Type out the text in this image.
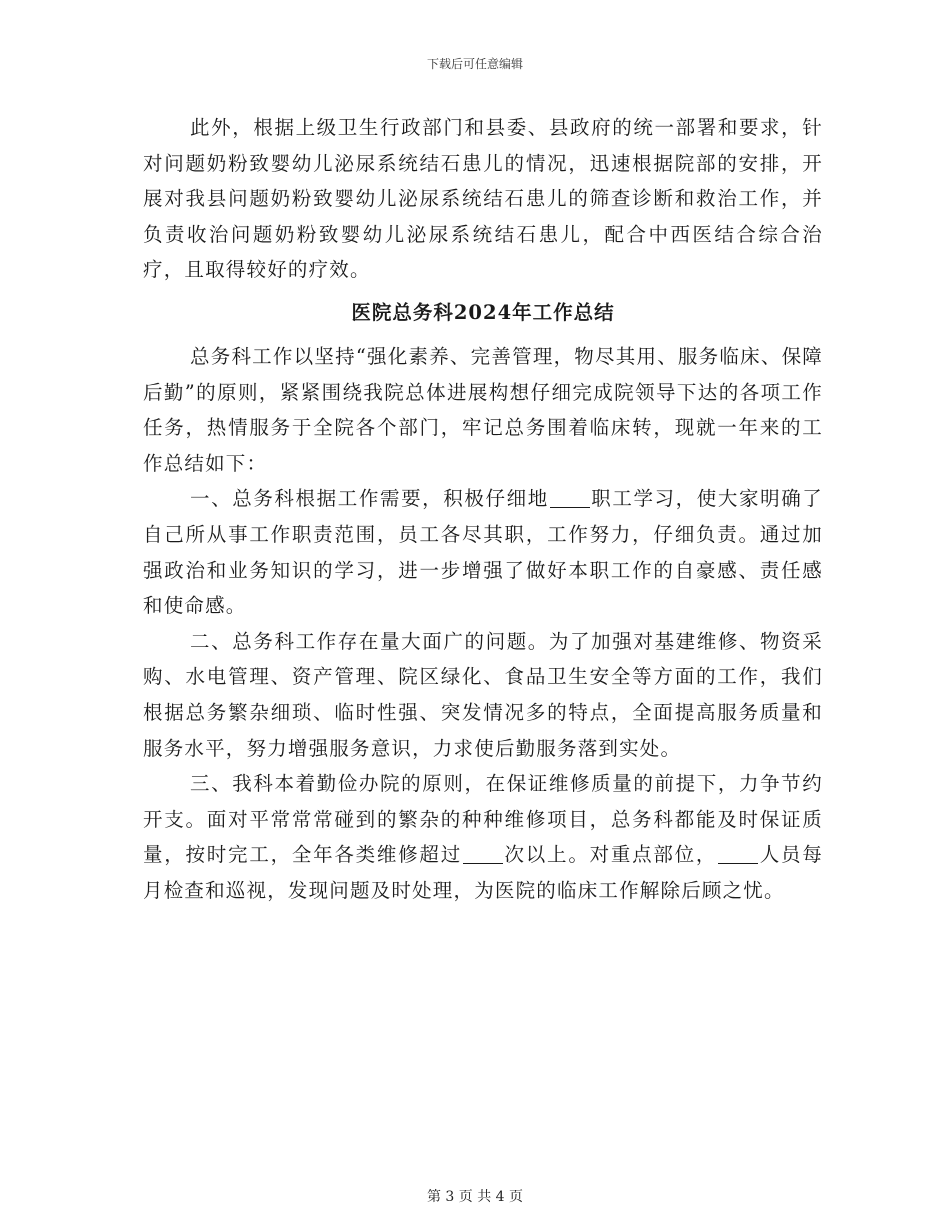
下载后可任意编辑

此外，根据上级卫生行政部门和县委、县政府的统一部署和要求，针对问题奶粉致婴幼儿泌尿系统结石患儿的情况，迅速根据院部的安排，开展对我县问题奶粉致婴幼儿泌尿系统结石患儿的筛查诊断和救治工作，并负责收治问题奶粉致婴幼儿泌尿系统结石患儿，配合中西医结合综合治疗，且取得较好的疗效。

医院总务科2024年工作总结

总务科工作以坚持“强化素养、完善管理，物尽其用、服务临床、保障后勤”的原则，紧紧围绕我院总体进展构想仔细完成院领导下达的各项工作任务，热情服务于全院各个部门，牢记总务围着临床转，现就一年来的工作总结如下：

一、总务科根据工作需要，积极仔细地 职工学习，使大家明确了自己所从事工作职责范围，员工各尽其职，工作努力，仔细负责。通过加强政治和业务知识的学习，进一步增强了做好本职工作的自豪感、责任感和使命感。

二、总务科工作存在量大面广的问题。为了加强对基建维修、物资采购、水电管理、资产管理、院区绿化、食品卫生安全等方面的工作，我们根据总务繁杂细琐、临时性强、突发情况多的特点，全面提高服务质量和服务水平，努力增强服务意识，力求使后勤服务落到实处。

三、我科本着勤俭办院的原则，在保证维修质量的前提下，力争节约开支。面对平常常常碰到的繁杂的种种维修项目，总务科都能及时保证质量，按时完工，全年各类维修超过 次以上。对重点部位， 人员每月检查和巡视，发现问题及时处理，为医院的临床工作解除后顾之忧。

第 3 页 共 4 页
